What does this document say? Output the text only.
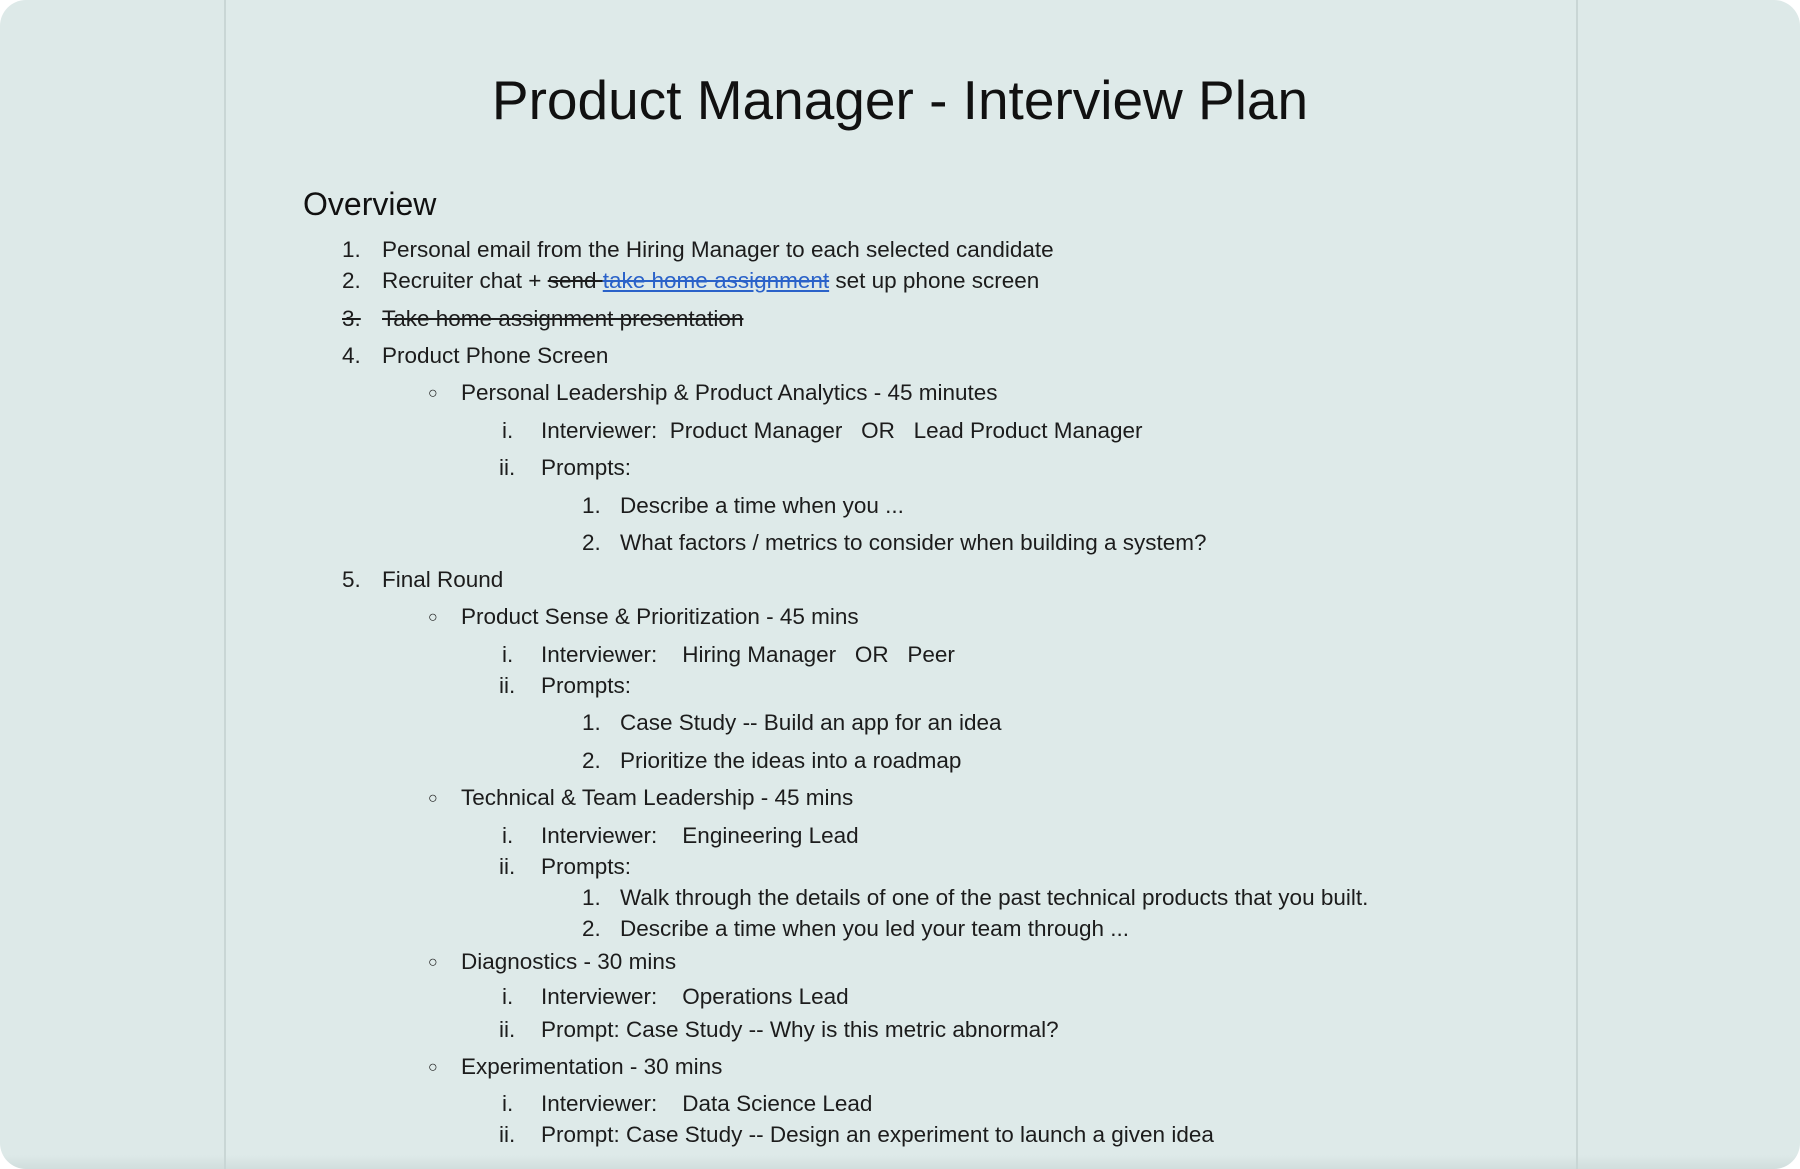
Product Manager - Interview Plan
Overview
1. Personal email from the Hiring Manager to each selected candidate
2. Recruiter chat + send take home assignment set up phone screen
3. Take home assignment presentation
4. Product Phone Screen
○ Personal Leadership & Product Analytics - 45 minutes
i. Interviewer:  Product Manager   OR   Lead Product Manager
ii. Prompts:
1. Describe a time when you ...
2. What factors / metrics to consider when building a system?
5. Final Round
○ Product Sense & Prioritization - 45 mins
i. Interviewer:    Hiring Manager   OR   Peer
ii. Prompts:
1. Case Study -- Build an app for an idea
2. Prioritize the ideas into a roadmap
○ Technical & Team Leadership - 45 mins
i. Interviewer:    Engineering Lead
ii. Prompts:
1. Walk through the details of one of the past technical products that you built.
2. Describe a time when you led your team through ...
○ Diagnostics - 30 mins
i. Interviewer:    Operations Lead
ii. Prompt: Case Study -- Why is this metric abnormal?
○ Experimentation - 30 mins
i. Interviewer:    Data Science Lead
ii. Prompt: Case Study -- Design an experiment to launch a given idea
